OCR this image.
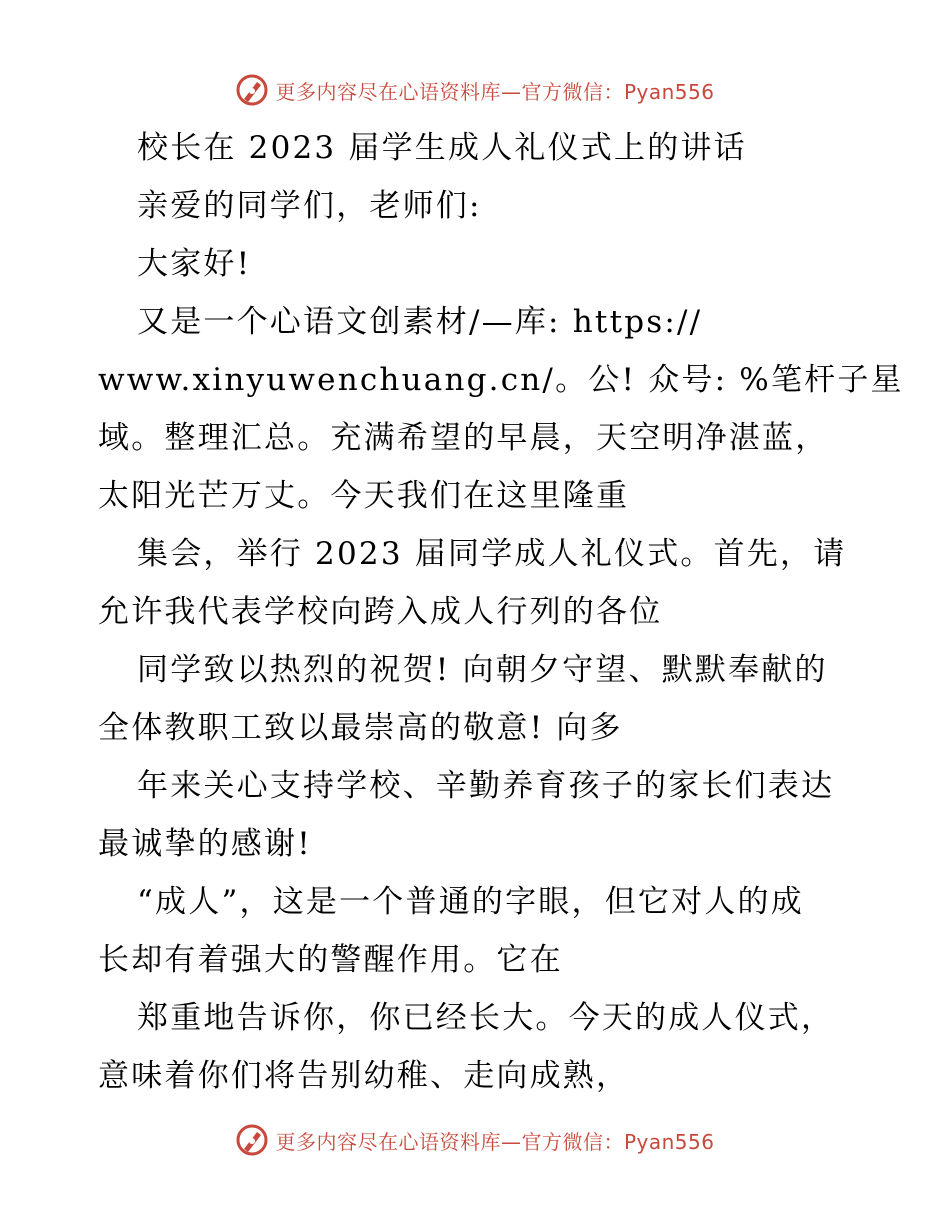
更多内容尽在心语资料库—官方微信：Pyan556
校长在 2023 届学生成人礼仪式上的讲话
亲爱的同学们，老师们:
大家好!
又是一个心语文创素材/—库: https://
www.xinyuwenchuang.cn/。公! 众号: %笔杆子星
域。整理汇总。充满希望的早晨，天空明净湛蓝，
太阳光芒万丈。今天我们在这里隆重
集会，举行 2023 届同学成人礼仪式。首先，请
允许我代表学校向跨入成人行列的各位
同学致以热烈的祝贺! 向朝夕守望、默默奉献的
全体教职工致以最崇高的敬意! 向多
年来关心支持学校、辛勤养育孩子的家长们表达
最诚挚的感谢!
“成人”，这是一个普通的字眼，但它对人的成
长却有着强大的警醒作用。它在
郑重地告诉你，你已经长大。今天的成人仪式，
意味着你们将告别幼稚、走向成熟，
更多内容尽在心语资料库—官方微信：Pyan556
